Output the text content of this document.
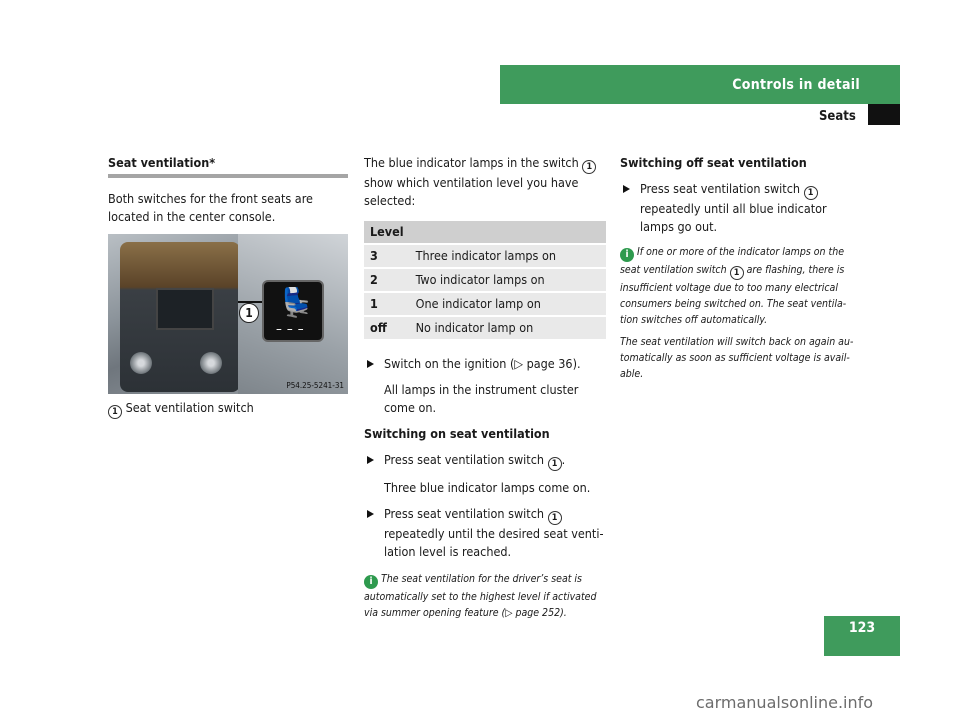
Controls in detail
Seats
Seat ventilation*

Both switches for the front seats are located in the center console.

💺
–––
1
P54.25-5241-31

1 Seat ventilation switch

The blue indicator lamps in the switch 1 show which ventilation level you have selected:

Level	
3	Three indicator lamps on
2	Two indicator lamps on
1	One indicator lamp on
off	No indicator lamp on

Switch on the ignition (▷ page 36).

All lamps in the instrument cluster come on.

Switching on seat ventilation

Press seat ventilation switch 1 .

Three blue indicator lamps come on.

Press seat ventilation switch 1 repeatedly until the desired seat venti-lation level is reached.

i The seat ventilation for the driver’s seat is automatically set to the highest level if activated via summer opening feature (▷ page 252).

Switching off seat ventilation

Press seat ventilation switch 1 repeatedly until all blue indicator lamps go out.

i If one or more of the indicator lamps on the seat ventilation switch 1 are flashing, there is insufficient voltage due to too many electrical consumers being switched on. The seat ventila-tion switches off automatically.

The seat ventilation will switch back on again au-tomatically as soon as sufficient voltage is avail-able.

123
carmanualsonline.info
